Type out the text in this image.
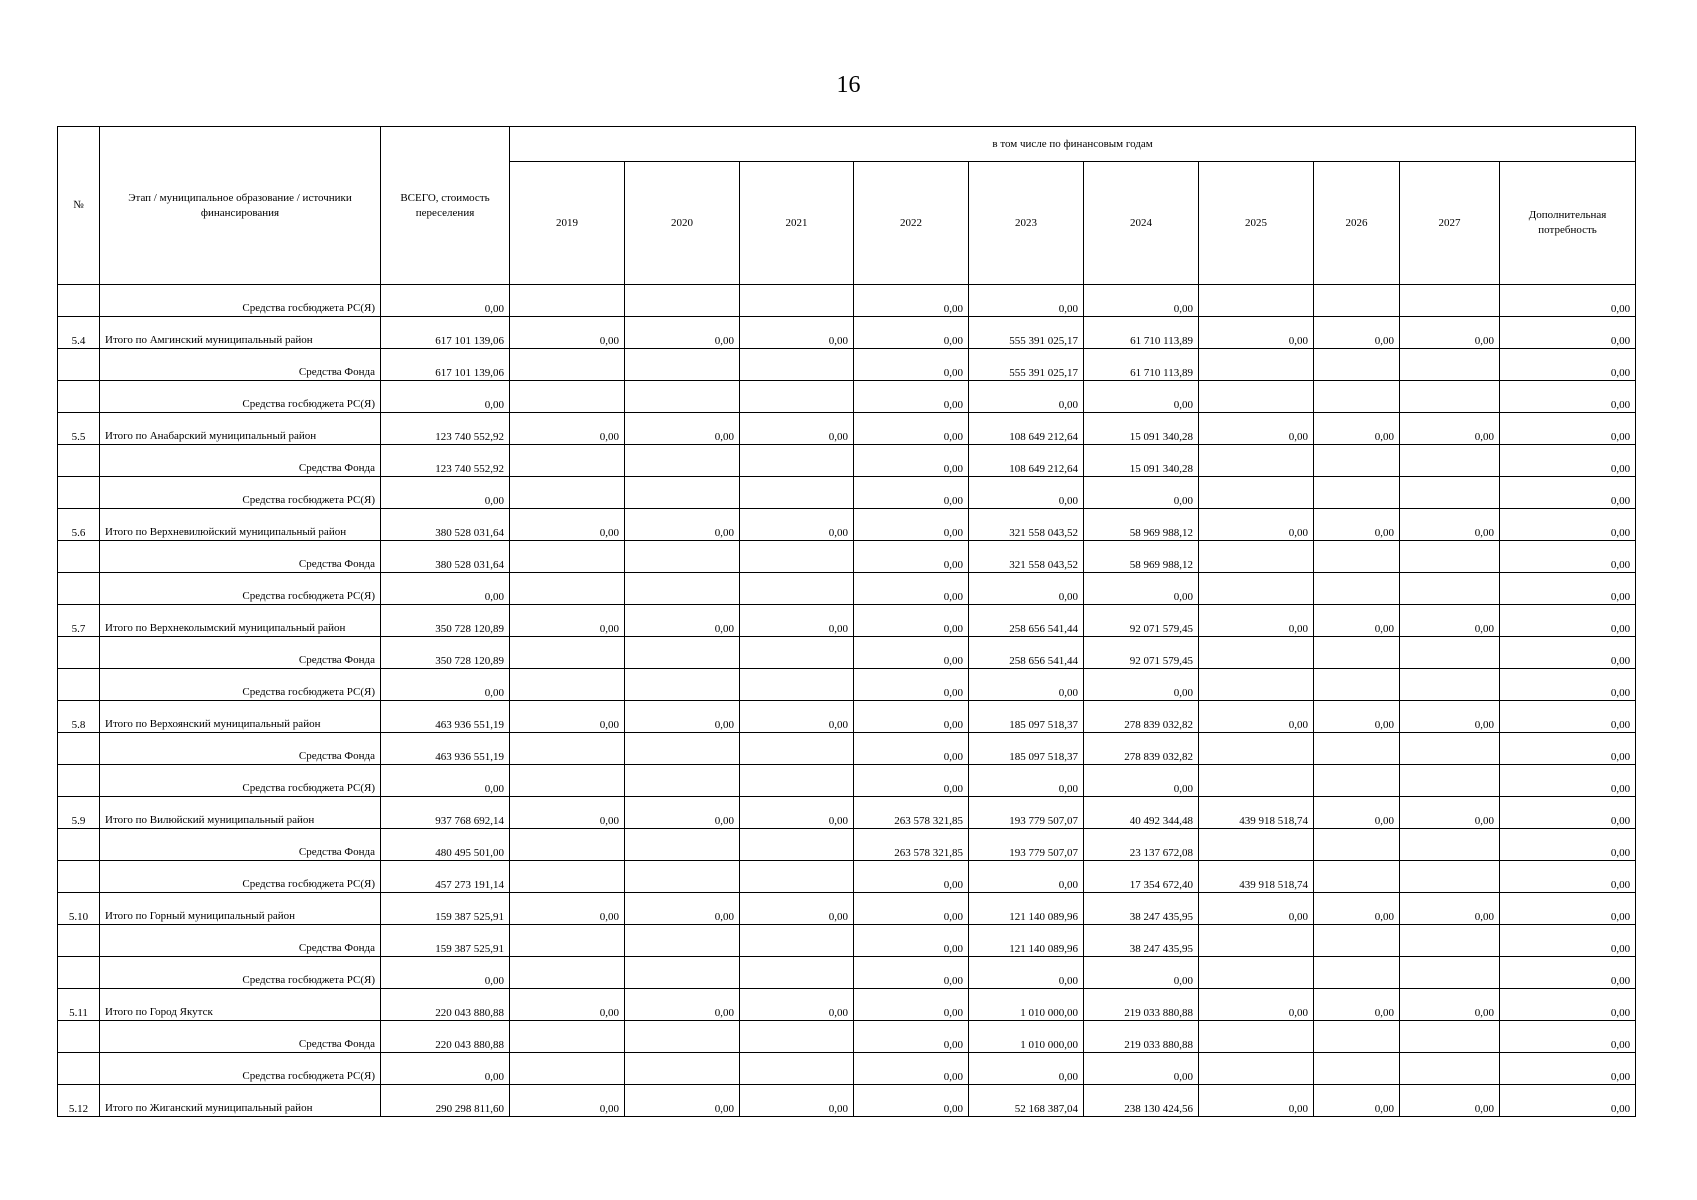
16
№	Этап / муниципальное образование / источники финансирования	ВСЕГО, стоимость переселения	в том числе по финансовым годам									
			2019	2020	2021	2022	2023	2024	2025	2026	2027	Дополнительная потребность
	Средства госбюджета РС(Я)	0,00				0,00	0,00	0,00				0,00
5.4	Итого по Амгинский муниципальный район	617 101 139,06	0,00	0,00	0,00	0,00	555 391 025,17	61 710 113,89	0,00	0,00	0,00	0,00
	Средства Фонда	617 101 139,06				0,00	555 391 025,17	61 710 113,89				0,00
	Средства госбюджета РС(Я)	0,00				0,00	0,00	0,00				0,00
5.5	Итого по Анабарский муниципальный район	123 740 552,92	0,00	0,00	0,00	0,00	108 649 212,64	15 091 340,28	0,00	0,00	0,00	0,00
	Средства Фонда	123 740 552,92				0,00	108 649 212,64	15 091 340,28				0,00
	Средства госбюджета РС(Я)	0,00				0,00	0,00	0,00				0,00
5.6	Итого по Верхневилюйский муниципальный район	380 528 031,64	0,00	0,00	0,00	0,00	321 558 043,52	58 969 988,12	0,00	0,00	0,00	0,00
	Средства Фонда	380 528 031,64				0,00	321 558 043,52	58 969 988,12				0,00
	Средства госбюджета РС(Я)	0,00				0,00	0,00	0,00				0,00
5.7	Итого по Верхнеколымский муниципальный район	350 728 120,89	0,00	0,00	0,00	0,00	258 656 541,44	92 071 579,45	0,00	0,00	0,00	0,00
	Средства Фонда	350 728 120,89				0,00	258 656 541,44	92 071 579,45				0,00
	Средства госбюджета РС(Я)	0,00				0,00	0,00	0,00				0,00
5.8	Итого по Верхоянский муниципальный район	463 936 551,19	0,00	0,00	0,00	0,00	185 097 518,37	278 839 032,82	0,00	0,00	0,00	0,00
	Средства Фонда	463 936 551,19				0,00	185 097 518,37	278 839 032,82				0,00
	Средства госбюджета РС(Я)	0,00				0,00	0,00	0,00				0,00
5.9	Итого по Вилюйский муниципальный район	937 768 692,14	0,00	0,00	0,00	263 578 321,85	193 779 507,07	40 492 344,48	439 918 518,74	0,00	0,00	0,00
	Средства Фонда	480 495 501,00				263 578 321,85	193 779 507,07	23 137 672,08				0,00
	Средства госбюджета РС(Я)	457 273 191,14				0,00	0,00	17 354 672,40	439 918 518,74			0,00
5.10	Итого по Горный муниципальный район	159 387 525,91	0,00	0,00	0,00	0,00	121 140 089,96	38 247 435,95	0,00	0,00	0,00	0,00
	Средства Фонда	159 387 525,91				0,00	121 140 089,96	38 247 435,95				0,00
	Средства госбюджета РС(Я)	0,00				0,00	0,00	0,00				0,00
5.11	Итого по Город Якутск	220 043 880,88	0,00	0,00	0,00	0,00	1 010 000,00	219 033 880,88	0,00	0,00	0,00	0,00
	Средства Фонда	220 043 880,88				0,00	1 010 000,00	219 033 880,88				0,00
	Средства госбюджета РС(Я)	0,00				0,00	0,00	0,00				0,00
5.12	Итого по Жиганский муниципальный район	290 298 811,60	0,00	0,00	0,00	0,00	52 168 387,04	238 130 424,56	0,00	0,00	0,00	0,00
